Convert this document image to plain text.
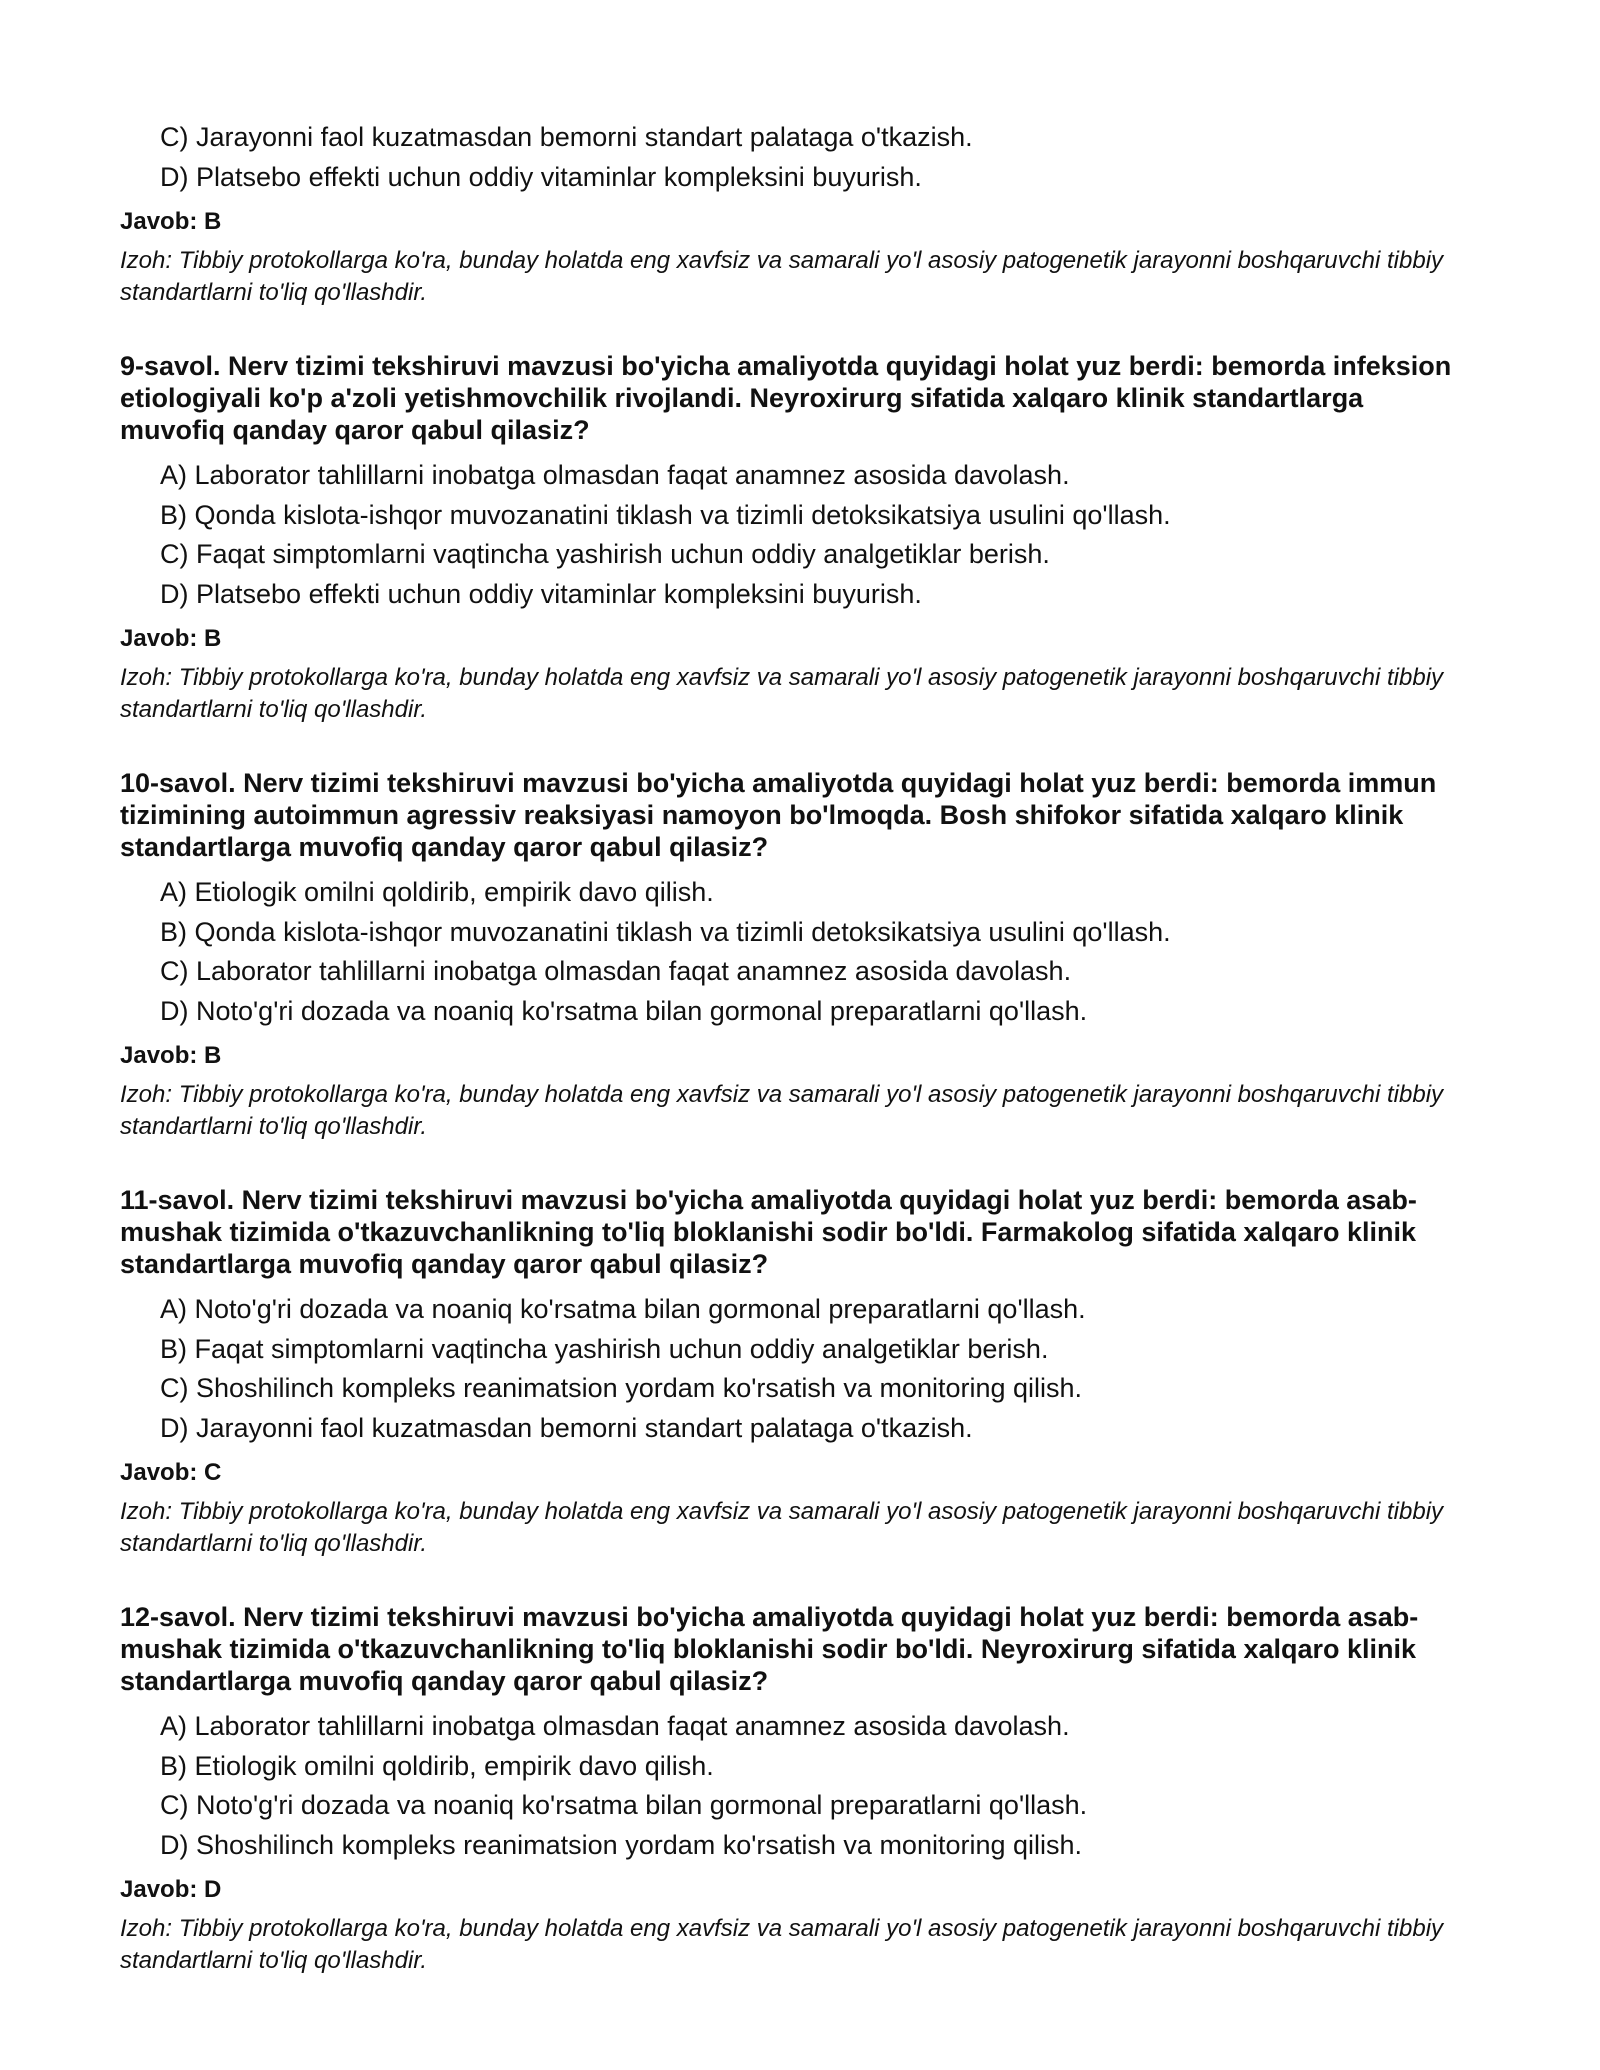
C) Jarayonni faol kuzatmasdan bemorni standart palataga o'tkazish.
D) Platsebo effekti uchun oddiy vitaminlar kompleksini buyurish.
Javob: B
Izoh: Tibbiy protokollarga ko'ra, bunday holatda eng xavfsiz va samarali yo'l asosiy patogenetik jarayonni boshqaruvchi tibbiy standartlarni to'liq qo'llashdir.
9-savol. Nerv tizimi tekshiruvi mavzusi bo'yicha amaliyotda quyidagi holat yuz berdi: bemorda infeksion etiologiyali ko'p a'zoli yetishmovchilik rivojlandi. Neyroxirurg sifatida xalqaro klinik standartlarga muvofiq qanday qaror qabul qilasiz?
A) Laborator tahlillarni inobatga olmasdan faqat anamnez asosida davolash.
B) Qonda kislota-ishqor muvozanatini tiklash va tizimli detoksikatsiya usulini qo'llash.
C) Faqat simptomlarni vaqtincha yashirish uchun oddiy analgetiklar berish.
D) Platsebo effekti uchun oddiy vitaminlar kompleksini buyurish.
Javob: B
Izoh: Tibbiy protokollarga ko'ra, bunday holatda eng xavfsiz va samarali yo'l asosiy patogenetik jarayonni boshqaruvchi tibbiy standartlarni to'liq qo'llashdir.
10-savol. Nerv tizimi tekshiruvi mavzusi bo'yicha amaliyotda quyidagi holat yuz berdi: bemorda immun tizimining autoimmun agressiv reaksiyasi namoyon bo'lmoqda. Bosh shifokor sifatida xalqaro klinik standartlarga muvofiq qanday qaror qabul qilasiz?
A) Etiologik omilni qoldirib, empirik davo qilish.
B) Qonda kislota-ishqor muvozanatini tiklash va tizimli detoksikatsiya usulini qo'llash.
C) Laborator tahlillarni inobatga olmasdan faqat anamnez asosida davolash.
D) Noto'g'ri dozada va noaniq ko'rsatma bilan gormonal preparatlarni qo'llash.
Javob: B
Izoh: Tibbiy protokollarga ko'ra, bunday holatda eng xavfsiz va samarali yo'l asosiy patogenetik jarayonni boshqaruvchi tibbiy standartlarni to'liq qo'llashdir.
11-savol. Nerv tizimi tekshiruvi mavzusi bo'yicha amaliyotda quyidagi holat yuz berdi: bemorda asab-mushak tizimida o'tkazuvchanlikning to'liq bloklanishi sodir bo'ldi. Farmakolog sifatida xalqaro klinik standartlarga muvofiq qanday qaror qabul qilasiz?
A) Noto'g'ri dozada va noaniq ko'rsatma bilan gormonal preparatlarni qo'llash.
B) Faqat simptomlarni vaqtincha yashirish uchun oddiy analgetiklar berish.
C) Shoshilinch kompleks reanimatsion yordam ko'rsatish va monitoring qilish.
D) Jarayonni faol kuzatmasdan bemorni standart palataga o'tkazish.
Javob: C
Izoh: Tibbiy protokollarga ko'ra, bunday holatda eng xavfsiz va samarali yo'l asosiy patogenetik jarayonni boshqaruvchi tibbiy standartlarni to'liq qo'llashdir.
12-savol. Nerv tizimi tekshiruvi mavzusi bo'yicha amaliyotda quyidagi holat yuz berdi: bemorda asab-mushak tizimida o'tkazuvchanlikning to'liq bloklanishi sodir bo'ldi. Neyroxirurg sifatida xalqaro klinik standartlarga muvofiq qanday qaror qabul qilasiz?
A) Laborator tahlillarni inobatga olmasdan faqat anamnez asosida davolash.
B) Etiologik omilni qoldirib, empirik davo qilish.
C) Noto'g'ri dozada va noaniq ko'rsatma bilan gormonal preparatlarni qo'llash.
D) Shoshilinch kompleks reanimatsion yordam ko'rsatish va monitoring qilish.
Javob: D
Izoh: Tibbiy protokollarga ko'ra, bunday holatda eng xavfsiz va samarali yo'l asosiy patogenetik jarayonni boshqaruvchi tibbiy standartlarni to'liq qo'llashdir.
